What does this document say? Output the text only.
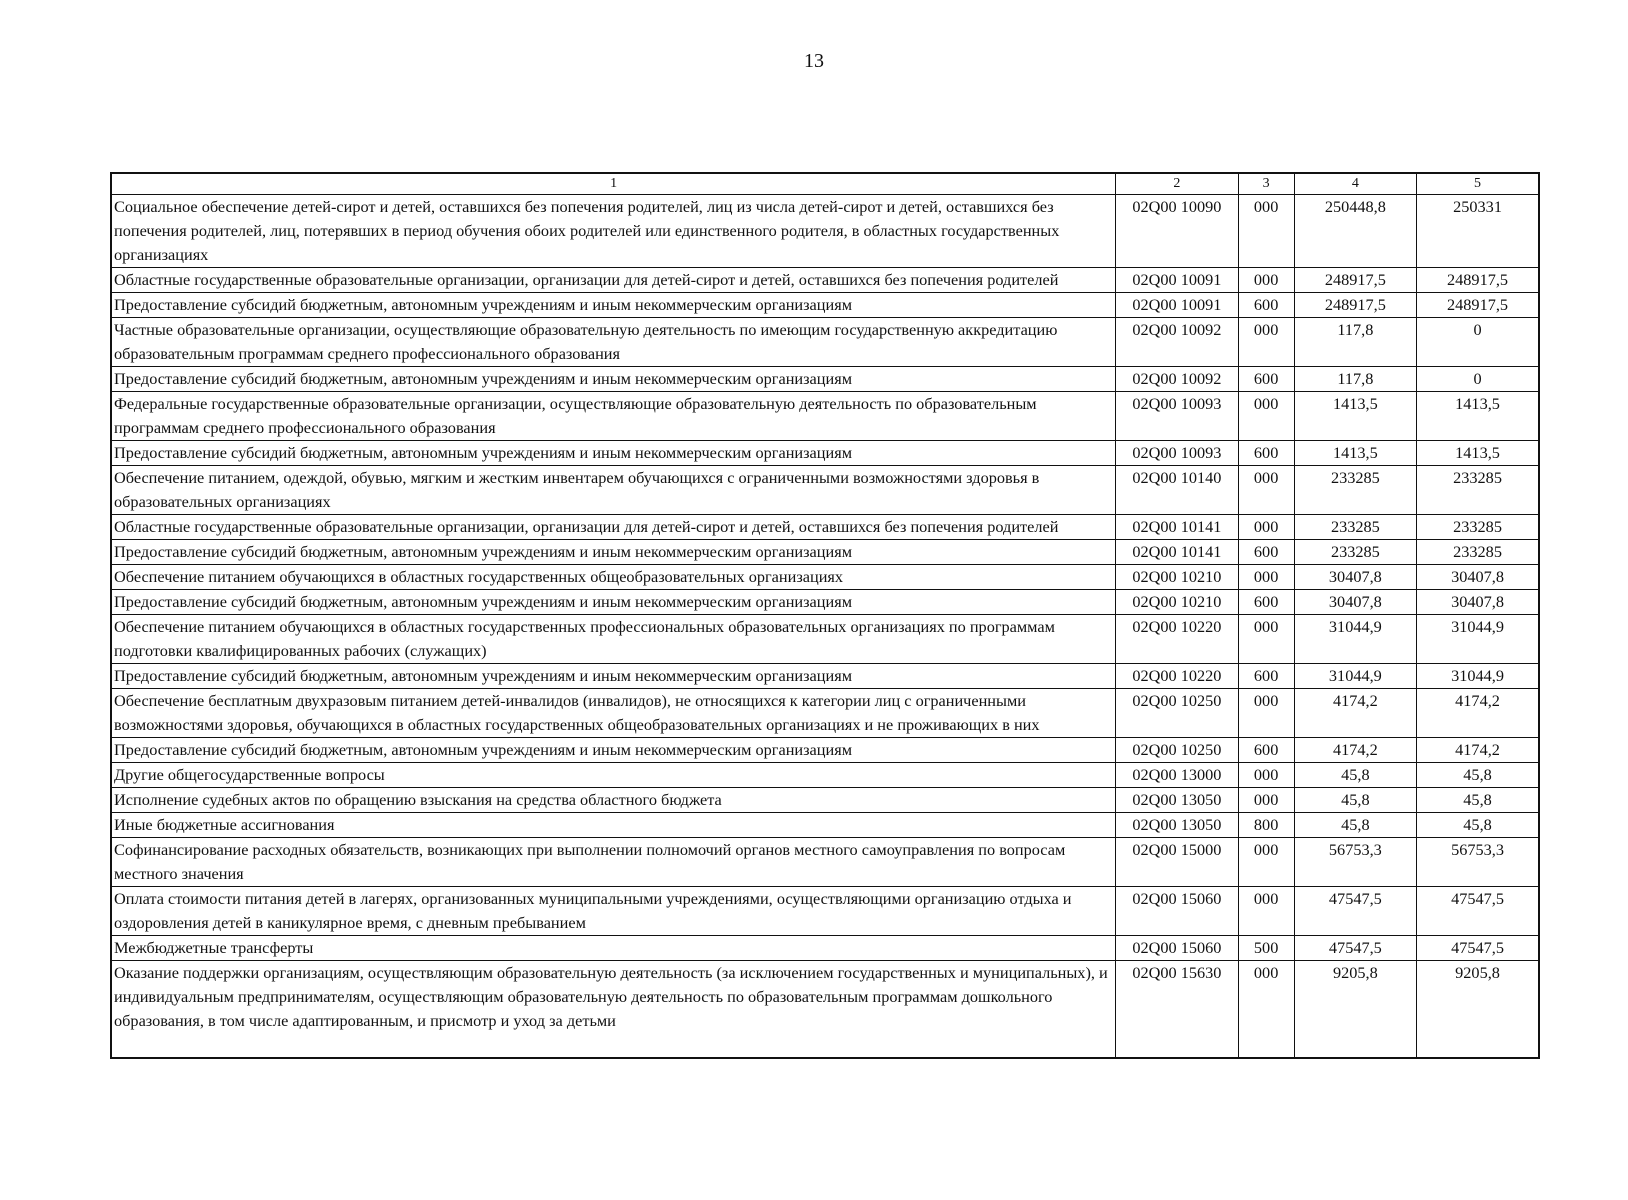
13
1	2	3	4	5
Социальное обеспечение детей-сирот и детей, оставшихся без попечения родителей, лиц из числа детей-сирот и детей, оставшихся без попечения родителей, лиц, потерявших в период обучения обоих родителей или единственного родителя, в областных государственных организациях	02Q00 10090	000	250448,8	250331
Областные государственные образовательные организации, организации для детей-сирот и детей, оставшихся без попечения родителей	02Q00 10091	000	248917,5	248917,5
Предоставление субсидий бюджетным, автономным учреждениям и иным некоммерческим организациям	02Q00 10091	600	248917,5	248917,5
Частные образовательные организации, осуществляющие образовательную деятельность по имеющим государственную аккредитацию образовательным программам среднего профессионального образования	02Q00 10092	000	117,8	0
Предоставление субсидий бюджетным, автономным учреждениям и иным некоммерческим организациям	02Q00 10092	600	117,8	0
Федеральные государственные образовательные организации, осуществляющие образовательную деятельность по образовательным программам среднего профессионального образования	02Q00 10093	000	1413,5	1413,5
Предоставление субсидий бюджетным, автономным учреждениям и иным некоммерческим организациям	02Q00 10093	600	1413,5	1413,5
Обеспечение питанием, одеждой, обувью, мягким и жестким инвентарем обучающихся с ограниченными возможностями здоровья в образовательных организациях	02Q00 10140	000	233285	233285
Областные государственные образовательные организации, организации для детей-сирот и детей, оставшихся без попечения родителей	02Q00 10141	000	233285	233285
Предоставление субсидий бюджетным, автономным учреждениям и иным некоммерческим организациям	02Q00 10141	600	233285	233285
Обеспечение питанием обучающихся в областных государственных общеобразовательных организациях	02Q00 10210	000	30407,8	30407,8
Предоставление субсидий бюджетным, автономным учреждениям и иным некоммерческим организациям	02Q00 10210	600	30407,8	30407,8
Обеспечение питанием обучающихся в областных государственных профессиональных образовательных организациях по программам подготовки квалифицированных рабочих (служащих)	02Q00 10220	000	31044,9	31044,9
Предоставление субсидий бюджетным, автономным учреждениям и иным некоммерческим организациям	02Q00 10220	600	31044,9	31044,9
Обеспечение бесплатным двухразовым питанием детей-инвалидов (инвалидов), не относящихся к категории лиц с ограниченными возможностями здоровья, обучающихся в областных государственных общеобразовательных организациях и не проживающих в них	02Q00 10250	000	4174,2	4174,2
Предоставление субсидий бюджетным, автономным учреждениям и иным некоммерческим организациям	02Q00 10250	600	4174,2	4174,2
Другие общегосударственные вопросы	02Q00 13000	000	45,8	45,8
Исполнение судебных актов по обращению взыскания на средства областного бюджета	02Q00 13050	000	45,8	45,8
Иные бюджетные ассигнования	02Q00 13050	800	45,8	45,8
Софинансирование расходных обязательств, возникающих при выполнении полномочий органов местного самоуправления по вопросам местного значения	02Q00 15000	000	56753,3	56753,3
Оплата стоимости питания детей в лагерях, организованных муниципальными учреждениями, осуществляющими организацию отдыха и оздоровления детей в каникулярное время, с дневным пребыванием	02Q00 15060	000	47547,5	47547,5
Межбюджетные трансферты	02Q00 15060	500	47547,5	47547,5
Оказание поддержки организациям, осуществляющим образовательную деятельность (за исключением государственных и муниципальных), и индивидуальным предпринимателям, осуществляющим образовательную деятельность по образовательным программам дошкольного образования, в том числе адаптированным, и присмотр и уход за детьми	02Q00 15630	000	9205,8	9205,8
